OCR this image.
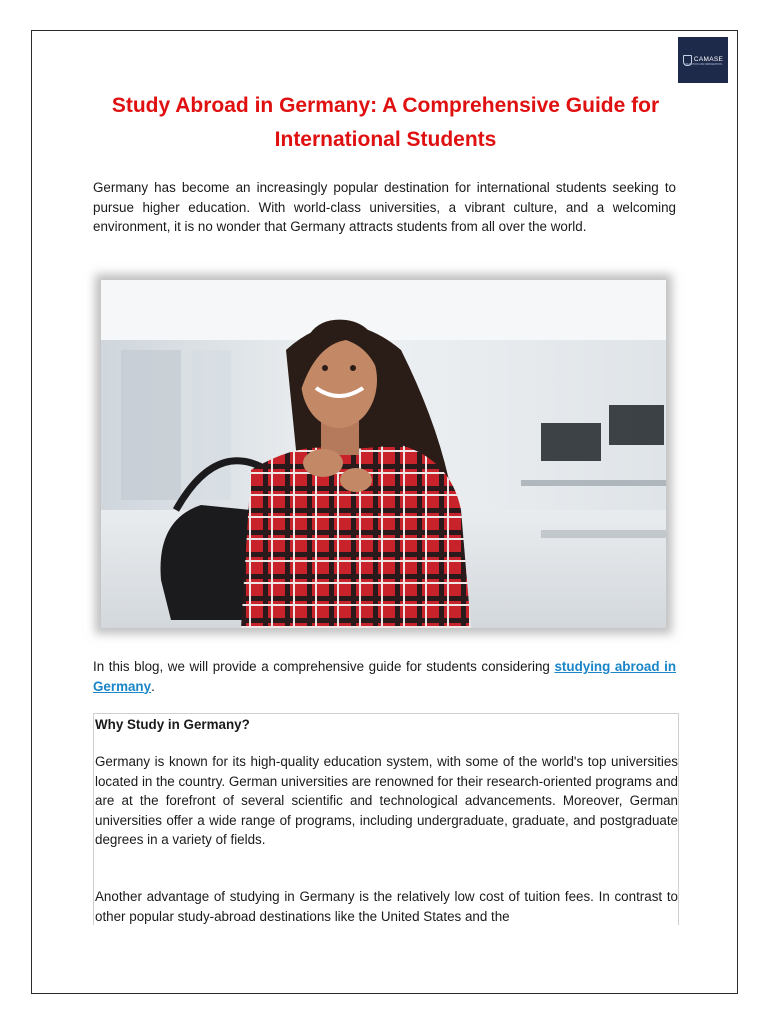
CAMASE
EDUCATION AND IMMIGRATION
Study Abroad in Germany: A Comprehensive Guide for International Students

Germany has become an increasingly popular destination for international students seeking to pursue higher education. With world-class universities, a vibrant culture, and a welcoming environment, it is no wonder that Germany attracts students from all over the world.

In this blog, we will provide a comprehensive guide for students considering studying abroad in Germany.

Why Study in Germany?

Germany is known for its high-quality education system, with some of the world's top universities located in the country. German universities are renowned for their research-oriented programs and are at the forefront of several scientific and technological advancements. Moreover, German universities offer a wide range of programs, including undergraduate, graduate, and postgraduate degrees in a variety of fields.

Another advantage of studying in Germany is the relatively low cost of tuition fees. In contrast to other popular study-abroad destinations like the United States and the
